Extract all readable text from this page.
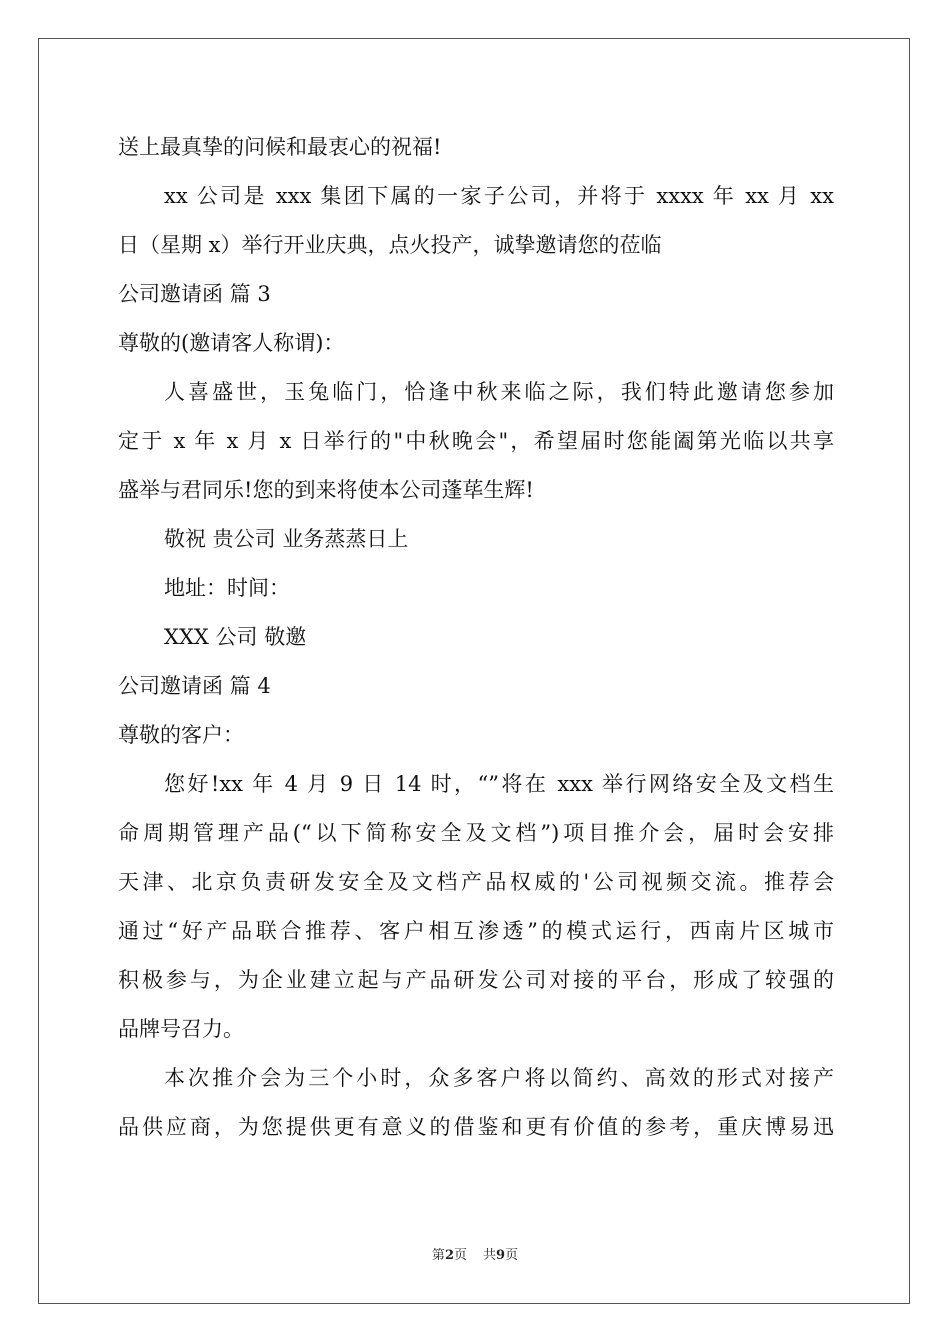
送上最真挚的问候和最衷心的祝福!
xx 公司是 xxx 集团下属的一家子公司，并将于 xxxx 年 xx 月 xx
日（星期 x）举行开业庆典，点火投产，诚挚邀请您的莅临
公司邀请函 篇 3
尊敬的(邀请客人称谓)：
人喜盛世，玉兔临门，恰逢中秋来临之际，我们特此邀请您参加
定于 x 年 x 月 x 日举行的"中秋晚会"，希望届时您能阖第光临以共享
盛举与君同乐!您的到来将使本公司蓬荜生辉!
敬祝 贵公司 业务蒸蒸日上
地址：时间：
XXX 公司 敬邀
公司邀请函 篇 4
尊敬的客户：
您好!xx 年 4 月 9 日 14 时，“”将在 xxx 举行网络安全及文档生
命周期管理产品(“以下简称安全及文档”)项目推介会，届时会安排
天津、北京负责研发安全及文档产品权威的'公司视频交流。推荐会
通过“好产品联合推荐、客户相互渗透”的模式运行，西南片区城市
积极参与，为企业建立起与产品研发公司对接的平台，形成了较强的
品牌号召力。
本次推介会为三个小时，众多客户将以简约、高效的形式对接产
品供应商，为您提供更有意义的借鉴和更有价值的参考，重庆博易迅
第2页 共9页
